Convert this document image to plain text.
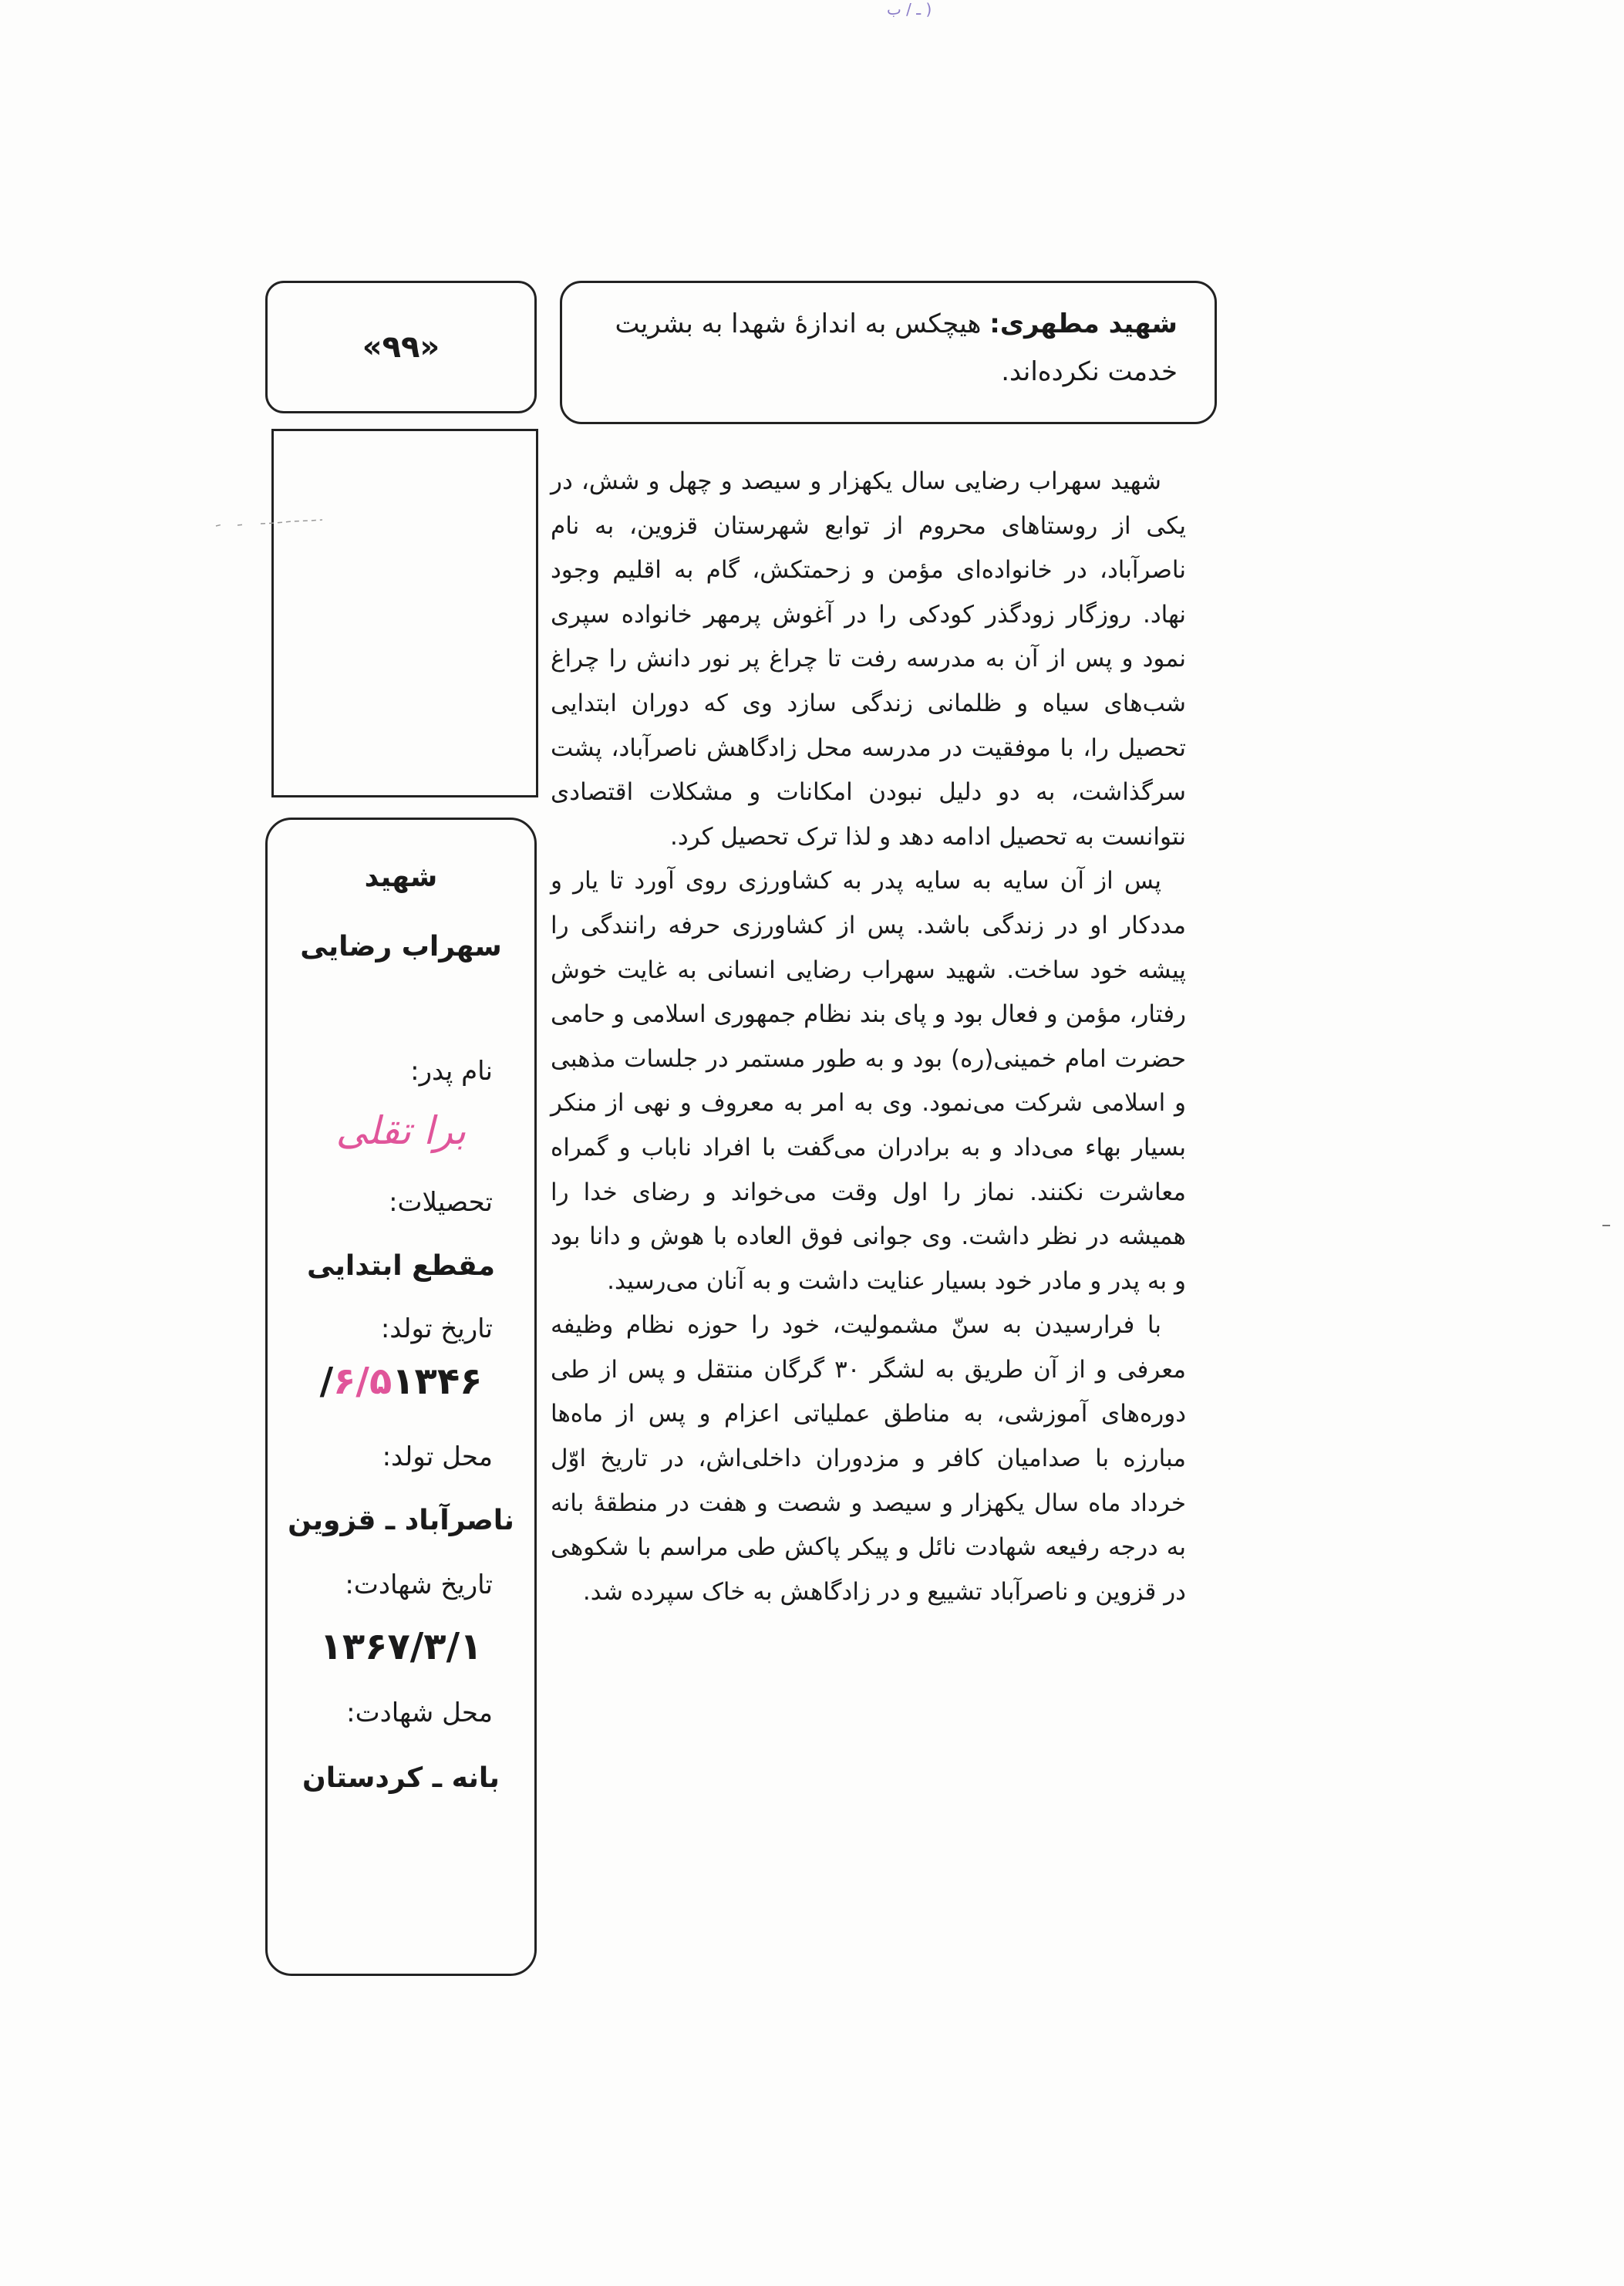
ـ / ب )
شهید مطهری: هیچکس به اندازهٔ شهدا به بشریت خدمت نکرده‌اند.
«۹۹»
شهید
سهراب رضایی
نام پدر:
برا تقلی
تحصیلات:
مقطع ابتدایی
تاریخ تولد:
۶/۵۱۳۴۶/
محل تولد:
ناصرآباد ـ قزوین
تاریخ شهادت:
۱۳۶۷/۳/۱
محل شهادت:
بانه ـ کردستان

شهید سهراب رضایی سال یکهزار و سیصد و چهل و شش، در یکی از روستاهای محروم از توابع شهرستان قزوین، به نام ناصرآباد، در خانواده‌ای مؤمن و زحمتکش، گام به اقلیم وجود نهاد. روزگار زودگذر کودکی را در آغوش پرمهر خانواده سپری نمود و پس از آن به مدرسه رفت تا چراغ پر نور دانش را چراغ شب‌های سیاه و ظلمانی زندگی سازد وی که دوران ابتدایی تحصیل را، با موفقیت در مدرسه محل زادگاهش ناصرآباد، پشت سرگذاشت، به دو دلیل نبودن امکانات و مشکلات اقتصادی نتوانست به تحصیل ادامه دهد و لذا ترک تحصیل کرد.

پس از آن سایه به سایه پدر به کشاورزی روی آورد تا یار و مددکار او در زندگی باشد. پس از کشاورزی حرفه رانندگی را پیشه خود ساخت. شهید سهراب رضایی انسانی به غایت خوش رفتار، مؤمن و فعال بود و پای بند نظام جمهوری اسلامی و حامی حضرت امام خمینی(ره) بود و به طور مستمر در جلسات مذهبی و اسلامی شرکت می‌نمود. وی به امر به معروف و نهی از منکر بسیار بهاء می‌داد و به برادران می‌گفت با افراد ناباب و گمراه معاشرت نکنند. نماز را اول وقت می‌خواند و رضای خدا را همیشه در نظر داشت. وی جوانی فوق العاده با هوش و دانا بود و به پدر و مادر خود بسیار عنایت داشت و به آنان می‌رسید.

با فرارسیدن به سنّ مشمولیت، خود را حوزه نظام وظیفه معرفی و از آن طریق به لشگر ۳۰ گرگان منتقل و پس از طی دوره‌های آموزشی، به مناطق عملیاتی اعزام و پس از ماه‌ها مبارزه با صدامیان کافر و مزدوران داخلی‌اش، در تاریخ اوّل خرداد ماه سال یکهزار و سیصد و شصت و هفت در منطقهٔ بانه به درجه رفیعه شهادت نائل و پیکر پاکش طی مراسم با شکوهی در قزوین و ناصرآباد تشییع و در زادگاهش به خاک سپرده شد.
